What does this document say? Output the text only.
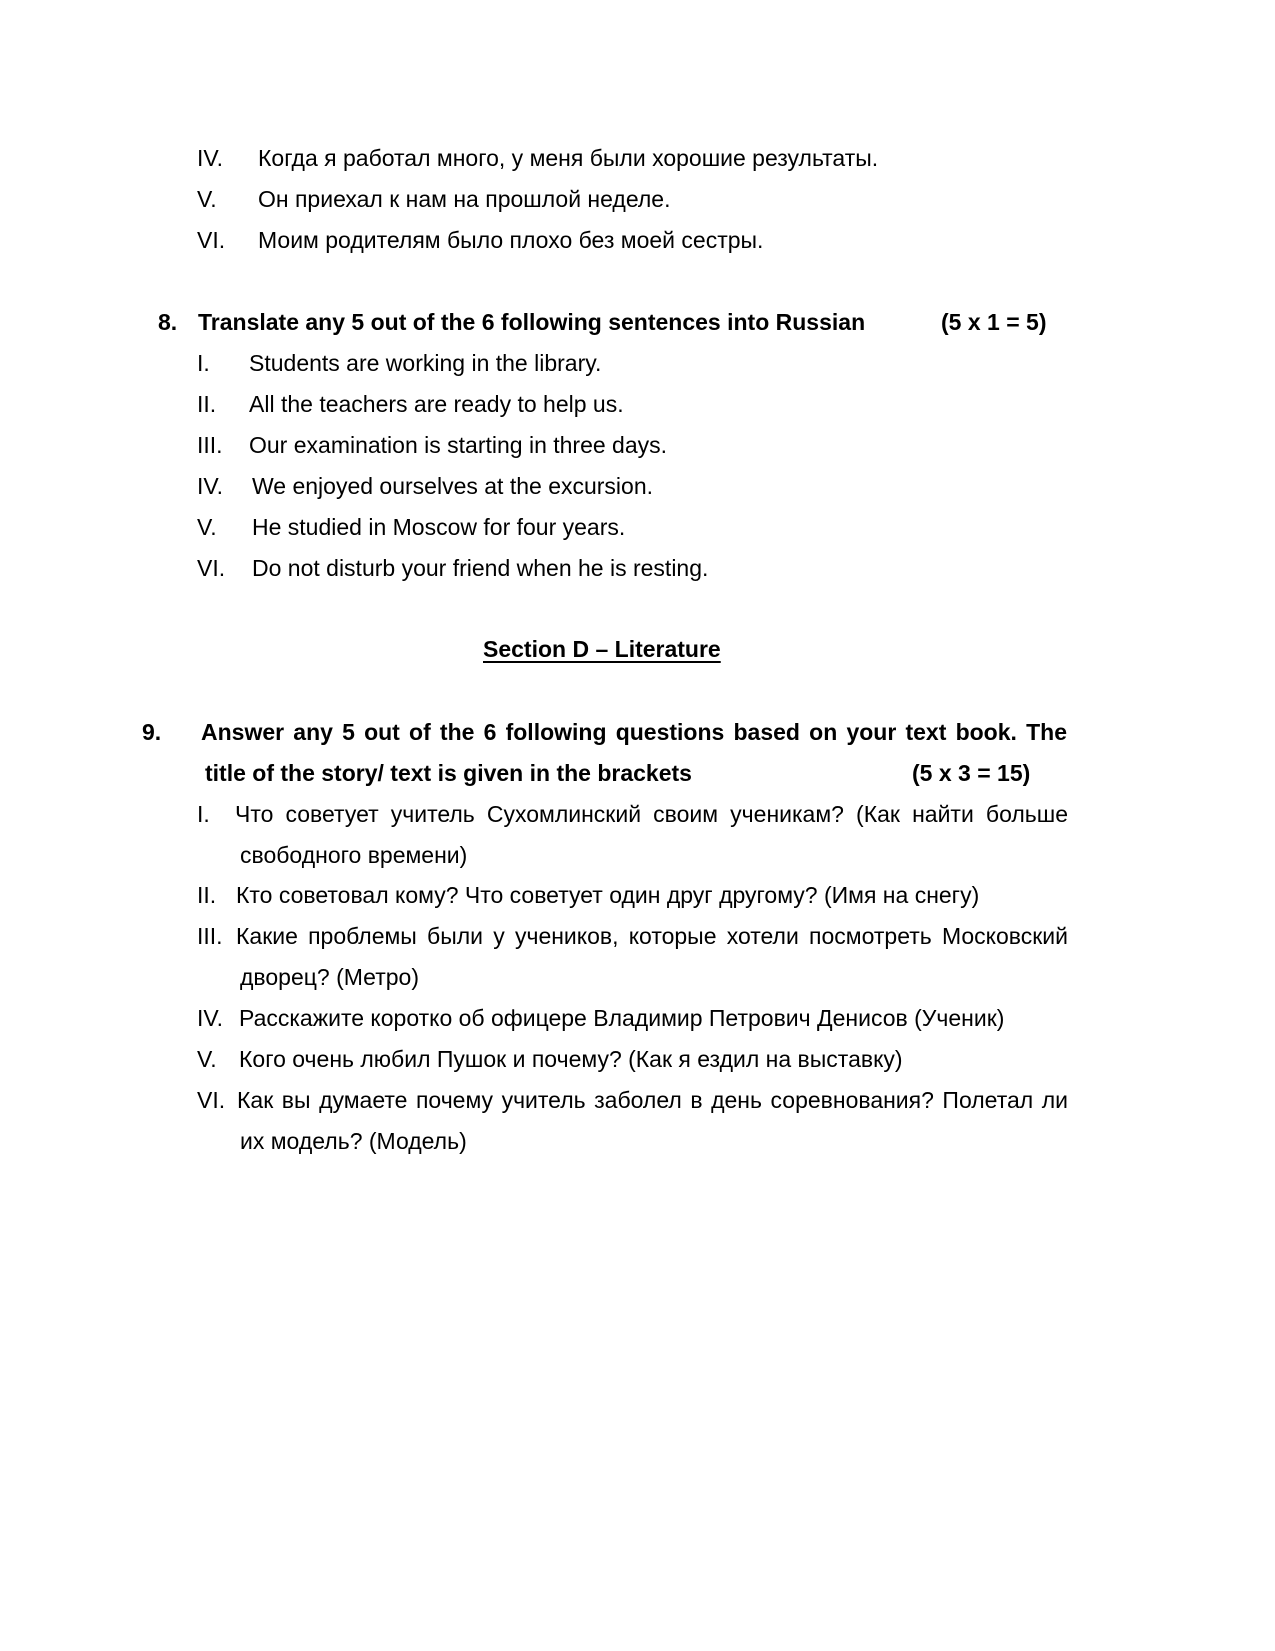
IV. Когда я работал много, у меня были хорошие результаты.
V. Он приехал к нам на прошлой неделе.
VI. Моим родителям было плохо без моей сестры.
8. Translate any 5 out of the 6 following sentences into Russian	(5 x 1 = 5)
I. Students are working in the library.
II. All the teachers are ready to help us.
III. Our examination is starting in three days.
IV. We enjoyed ourselves at the excursion.
V. He studied in Moscow for four years.
VI. Do not disturb your friend when he is resting.
Section D – Literature
9. Answer any 5 out of the 6 following questions based on your text book. The
title of the story/ text is given in the brackets	(5 x 3 = 15)
I. Что советует учитель Сухомлинский своим ученикам? (Как найти больше
свободного времени)
II. Кто советовал кому? Что советует один друг другому? (Имя на снегу)
III. Какие проблемы были у учеников, которые хотели посмотреть Московский
дворец? (Метро)
IV. Расскажите коротко об офицере Владимир Петрович Денисов (Ученик)
V. Кого очень любил Пушок и почему? (Как я ездил на выставку)
VI. Как вы думаете почему учитель заболел в день соревнования? Полетал ли
их модель? (Модель)
